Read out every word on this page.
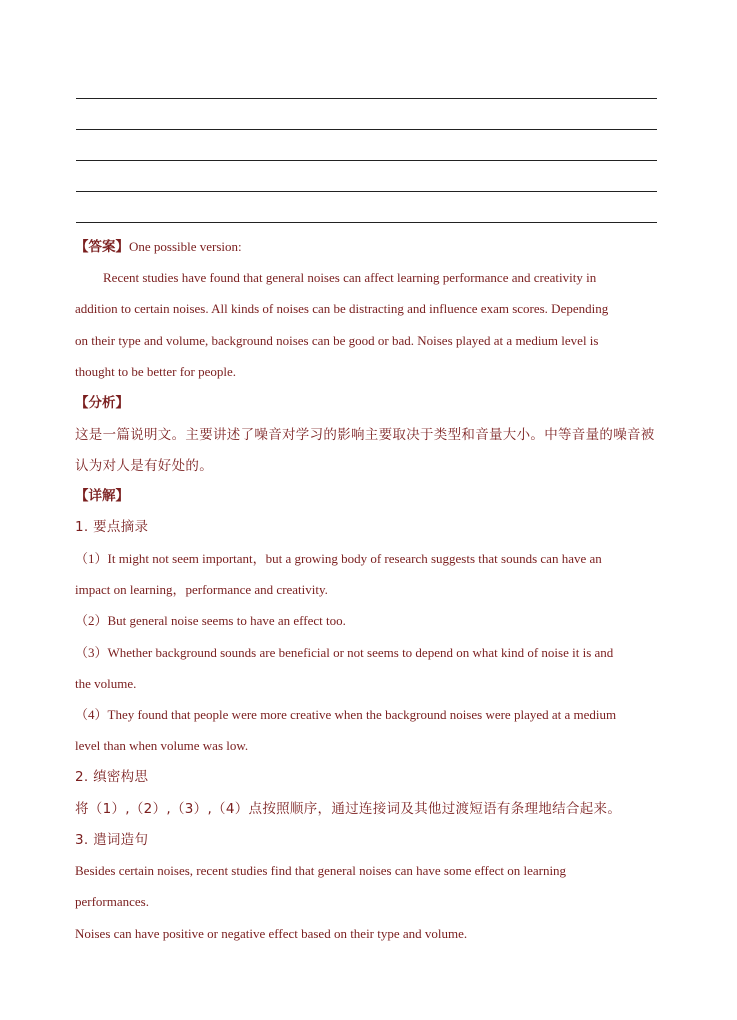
【答案】One possible version:
Recent studies have found that general noises can affect learning performance and creativity in
addition to certain noises. All kinds of noises can be distracting and influence exam scores. Depending
on their type and volume, background noises can be good or bad. Noises played at a medium level is
thought to be better for people.
【分析】
这是一篇说明文。主要讲述了噪音对学习的影响主要取决于类型和音量大小。中等音量的噪音被
认为对人是有好处的。
【详解】
1. 要点摘录
（1）It might not seem important，but a growing body of research suggests that sounds can have an
impact on learning，performance and creativity.
（2）But general noise seems to have an effect too.
（3）Whether background sounds are beneficial or not seems to depend on what kind of noise it is and
the volume.
（4）They found that people were more creative when the background noises were played at a medium
level than when volume was low.
2. 缜密构思
将（1）,（2）,（3）,（4）点按照顺序，通过连接词及其他过渡短语有条理地结合起来。
3. 遣词造句
Besides certain noises, recent studies find that general noises can have some effect on learning
performances.
Noises can have positive or negative effect based on their type and volume.
